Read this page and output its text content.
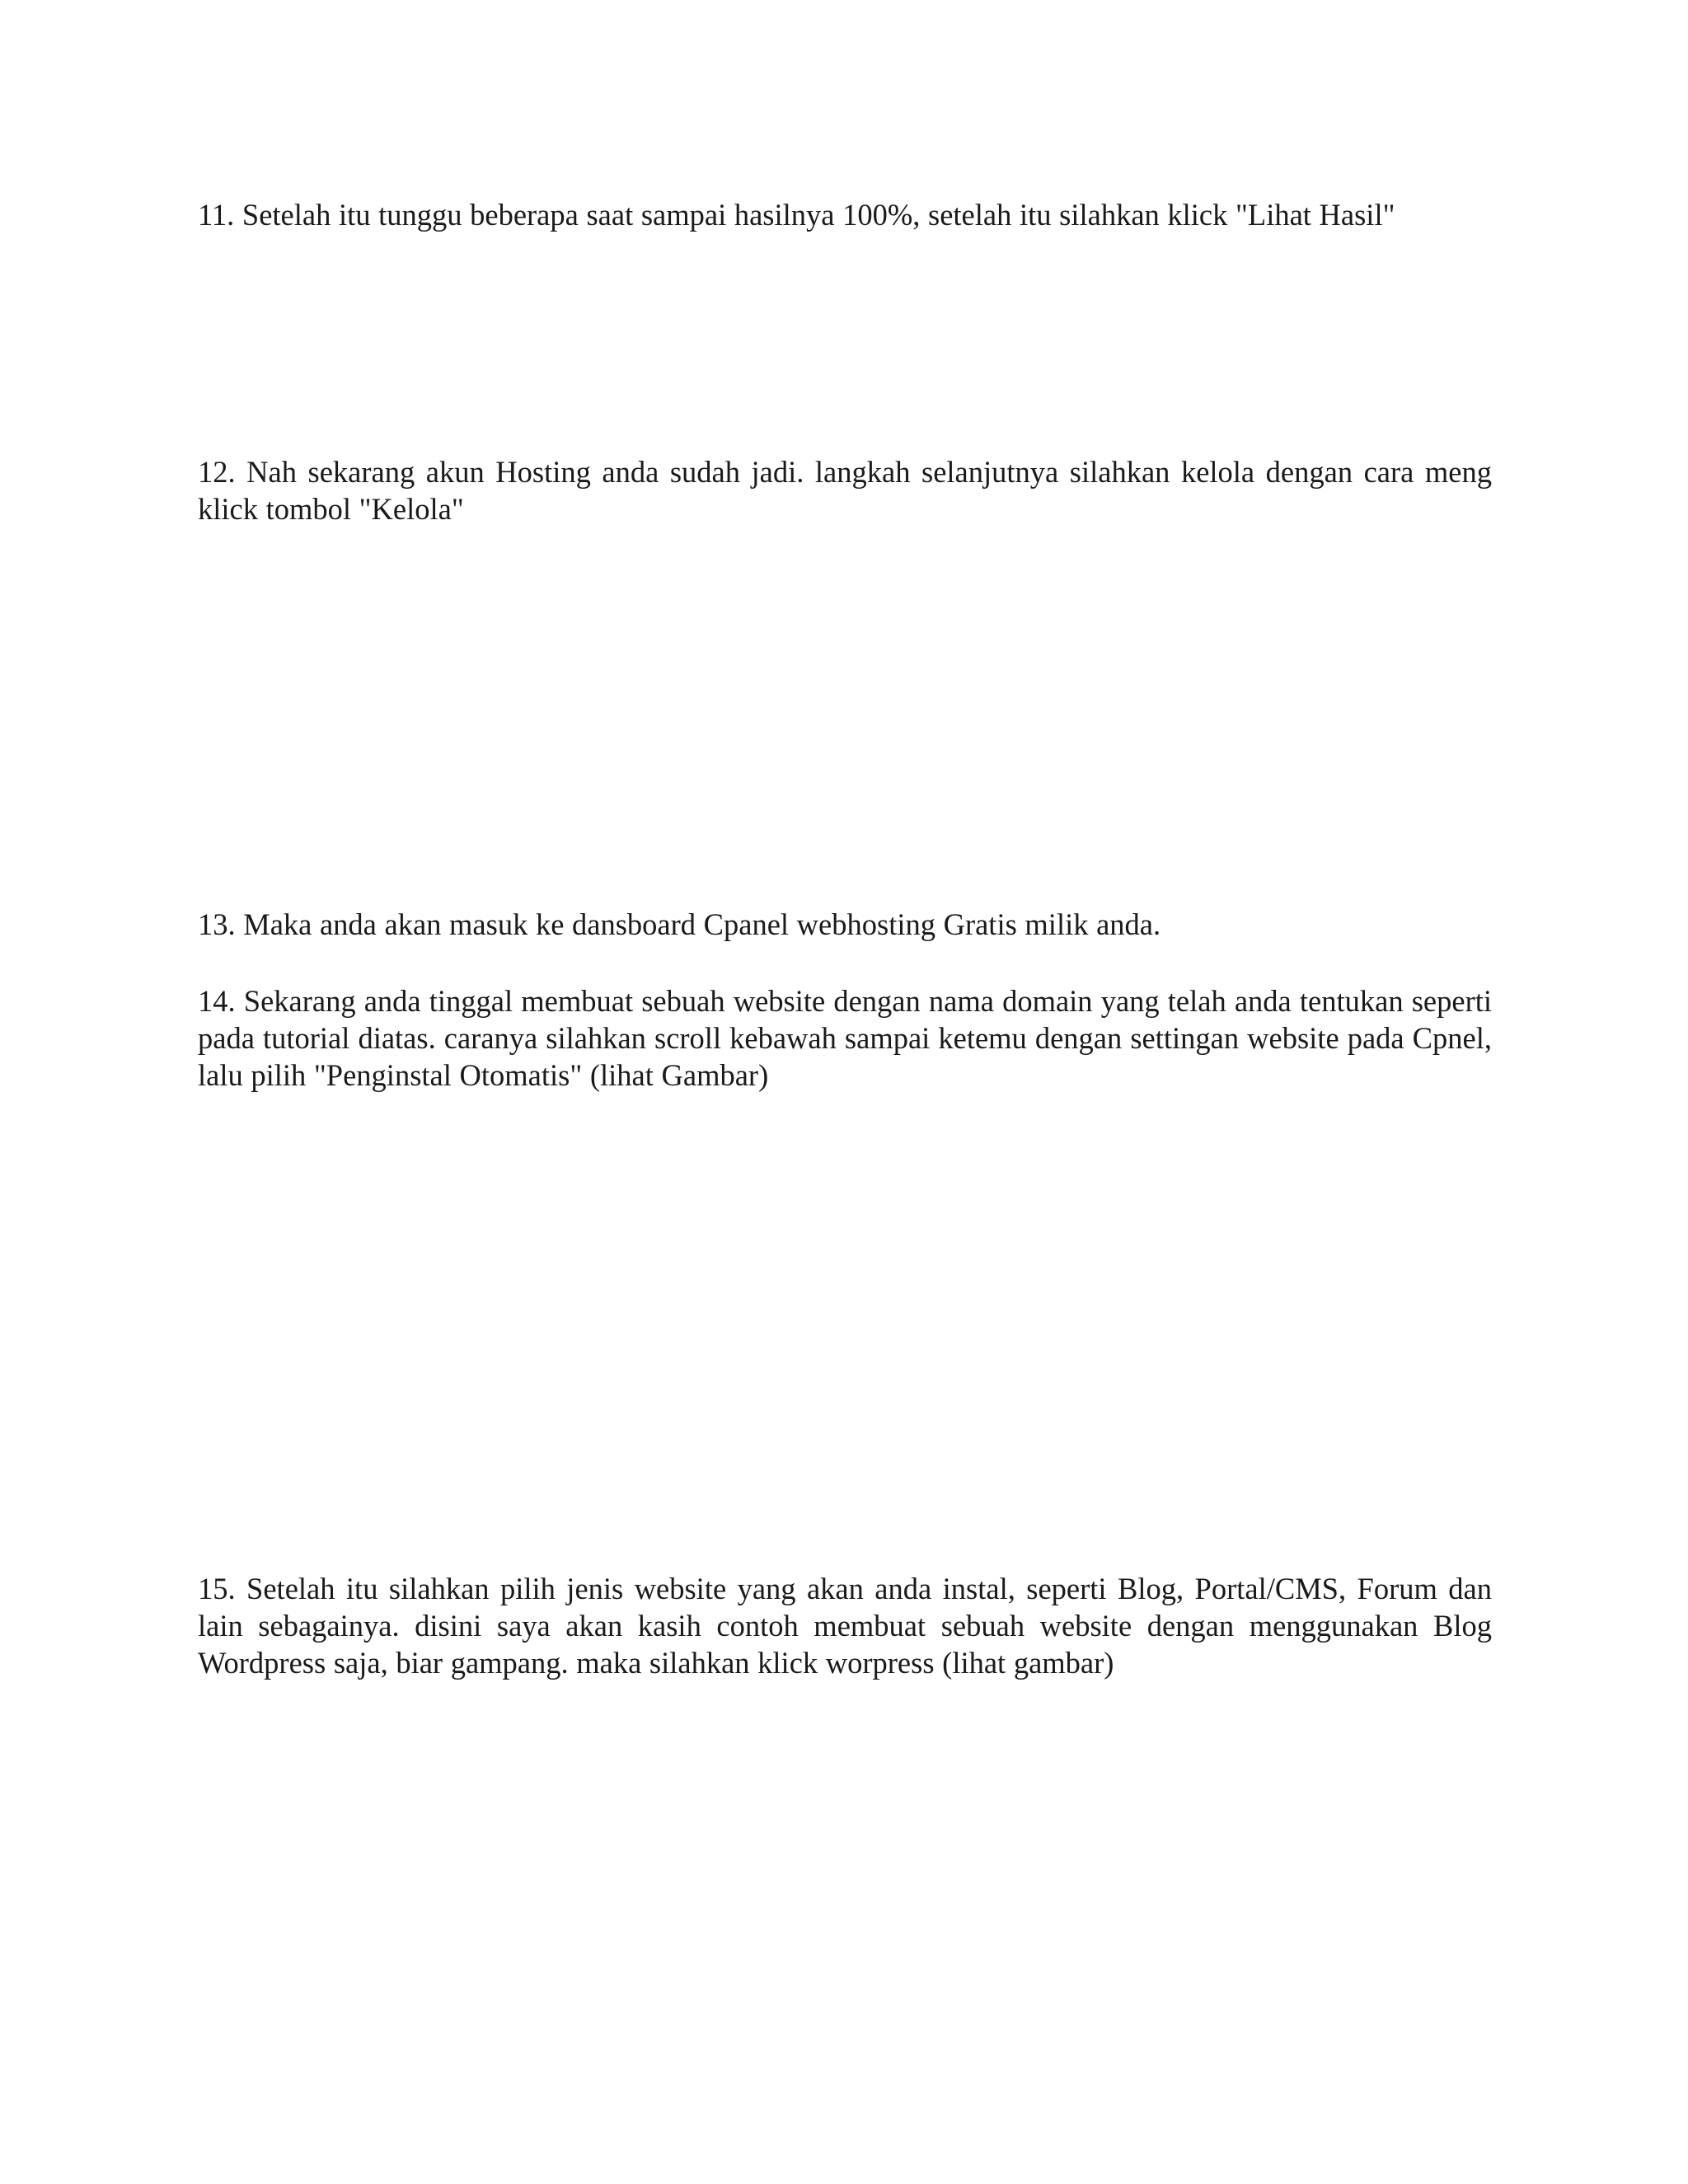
11. Setelah itu tunggu beberapa saat sampai hasilnya 100%, setelah itu silahkan klick "Lihat Hasil"

12. Nah sekarang akun Hosting anda sudah jadi. langkah selanjutnya silahkan kelola dengan cara meng klick tombol "Kelola"

13. Maka anda akan masuk ke dansboard Cpanel webhosting Gratis milik anda.

14. Sekarang anda tinggal membuat sebuah website dengan nama domain yang telah anda tentukan seperti pada tutorial diatas. caranya silahkan scroll kebawah sampai ketemu dengan settingan website pada Cpnel, lalu pilih "Penginstal Otomatis" (lihat Gambar)

15. Setelah itu silahkan pilih jenis website yang akan anda instal, seperti Blog, Portal/CMS, Forum dan lain sebagainya. disini saya akan kasih contoh membuat sebuah website dengan menggunakan Blog Wordpress saja, biar gampang. maka silahkan klick worpress (lihat gambar)
